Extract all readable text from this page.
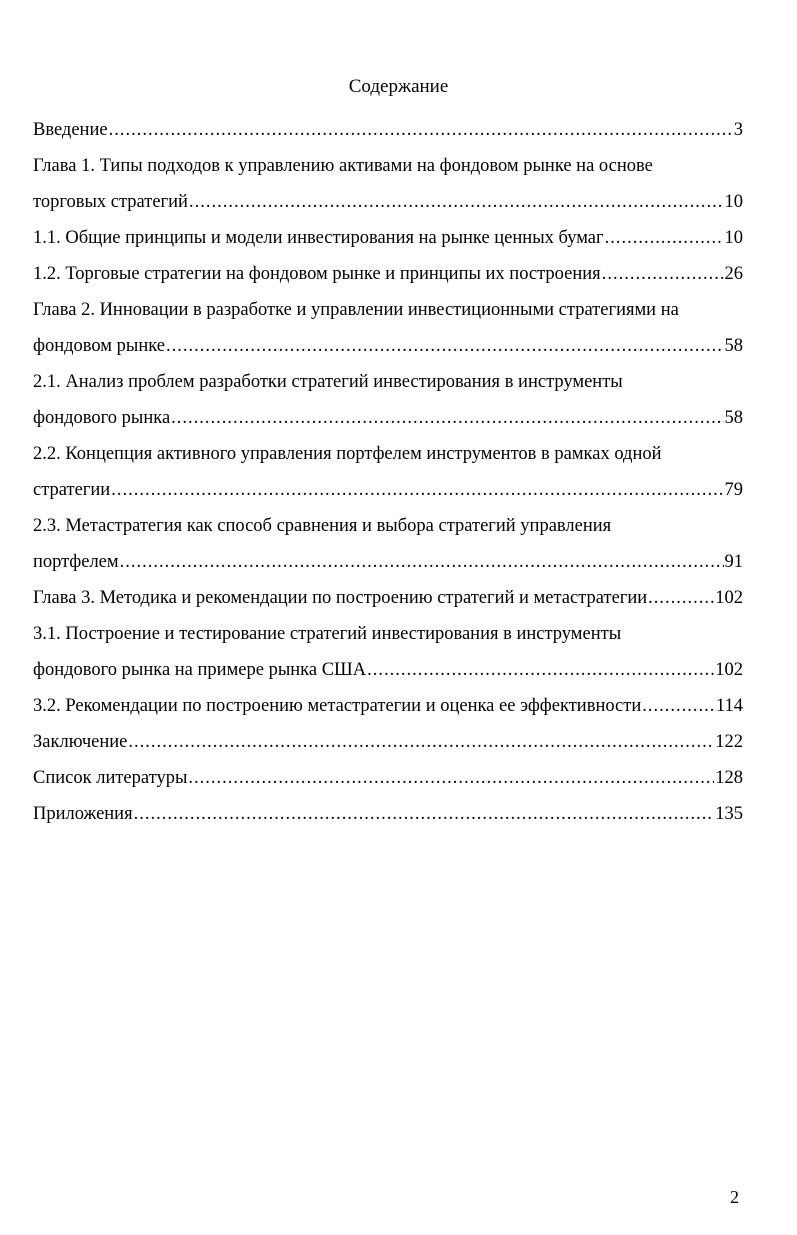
Содержание
Введение .....	3
Глава 1. Типы подходов к управлению активами на фондовом рынке на основе
торговых стратегий .....	10
1.1. Общие принципы и модели инвестирования на рынке ценных бумаг .....	10
1.2. Торговые стратегии на фондовом рынке и принципы их построения .....	26
Глава 2. Инновации в разработке и управлении инвестиционными стратегиями на
фондовом рынке .....	58
2.1. Анализ проблем разработки стратегий инвестирования в инструменты
фондового рынка .....	58
2.2. Концепция активного управления портфелем инструментов в рамках одной
стратегии .....	79
2.3. Метастратегия как способ сравнения и выбора стратегий управления
портфелем .....	91
Глава 3. Методика и рекомендации по построению стратегий и метастратегии .....	102
3.1. Построение и тестирование стратегий инвестирования в инструменты
фондового рынка на примере рынка США .....	102
3.2. Рекомендации по построению метастратегии и оценка ее эффективности .....	114
Заключение .....	122
Список литературы .....	128
Приложения .....	135
2
